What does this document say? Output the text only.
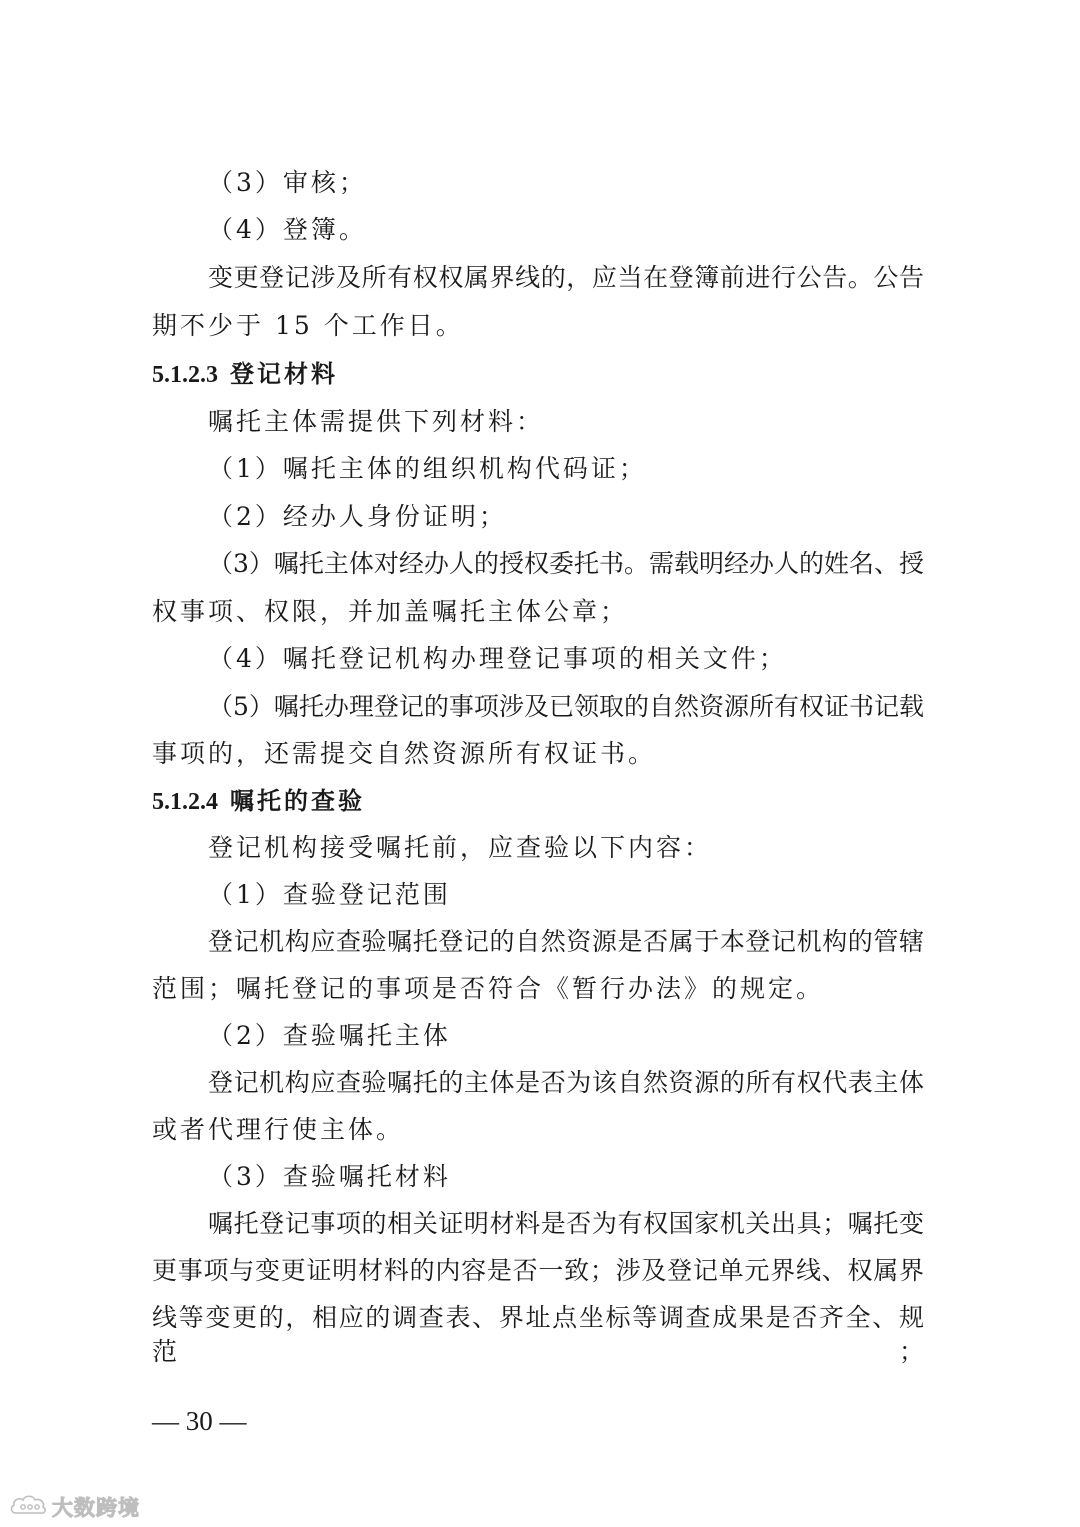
（3）审核；
（4）登簿。
变更登记涉及所有权权属界线的，应当在登簿前进行公告。公告
期不少于 15 个工作日。
5.1.2.3 登记材料
嘱托主体需提供下列材料：
（1）嘱托主体的组织机构代码证；
（2）经办人身份证明；
（3）嘱托主体对经办人的授权委托书。需载明经办人的姓名、授
权事项、权限，并加盖嘱托主体公章；
（4）嘱托登记机构办理登记事项的相关文件；
（5）嘱托办理登记的事项涉及已领取的自然资源所有权证书记载
事项的，还需提交自然资源所有权证书。
5.1.2.4 嘱托的查验
登记机构接受嘱托前，应查验以下内容：
（1）查验登记范围
登记机构应查验嘱托登记的自然资源是否属于本登记机构的管辖
范围；嘱托登记的事项是否符合《暂行办法》的规定。
（2）查验嘱托主体
登记机构应查验嘱托的主体是否为该自然资源的所有权代表主体
或者代理行使主体。
（3）查验嘱托材料
嘱托登记事项的相关证明材料是否为有权国家机关出具；嘱托变
更事项与变更证明材料的内容是否一致；涉及登记单元界线、权属界
线等变更的，相应的调查表、界址点坐标等调查成果是否齐全、规范；
— 30 —
大数跨境
